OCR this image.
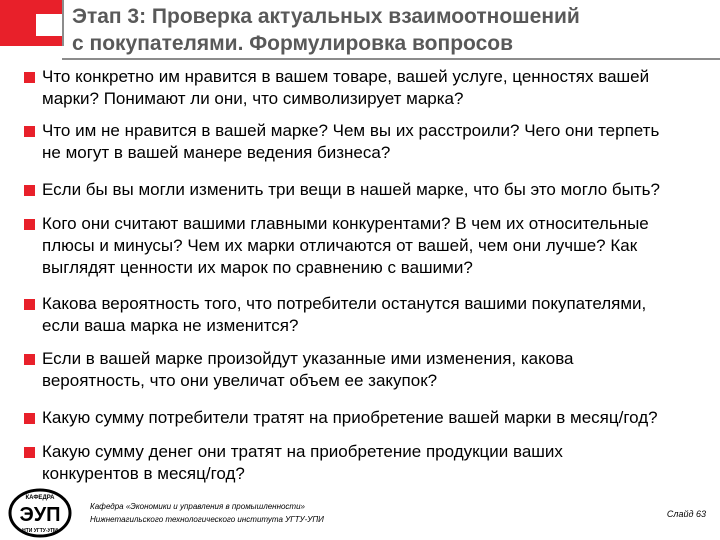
Этап 3: Проверка актуальных взаимоотношений
с покупателями. Формулировка вопросов
Что конкретно им нравится в вашем товаре, вашей услуге, ценностях вашей
марки? Понимают ли они, что символизирует марка?
Что им не нравится в вашей марке? Чем вы их расстроили? Чего они терпеть
не могут в вашей манере ведения бизнеса?
Если бы вы могли изменить три вещи в нашей марке, что бы это могло быть?
Кого они считают вашими главными конкурентами? В чем их относительные
плюсы и минусы? Чем их марки отличаются от вашей, чем они лучше? Как
выглядят ценности их марок по сравнению с вашими?
Какова вероятность того, что потребители останутся вашими покупателями,
если ваша марка не изменится?
Если в вашей марке произойдут указанные ими изменения, какова
вероятность, что они увеличат объем ее закупок?
Какую сумму потребители тратят на приобретение вашей марки в месяц/год?
Какую сумму денег они тратят на приобретение продукции ваших
конкурентов в месяц/год?
КАФЕДРА
ЭУП
НТИ УГТУ-УПИ
Кафедра «Экономики и управления в промышленности»
Нижнетагильского технологического института УГТУ-УПИ
Слайд 63
